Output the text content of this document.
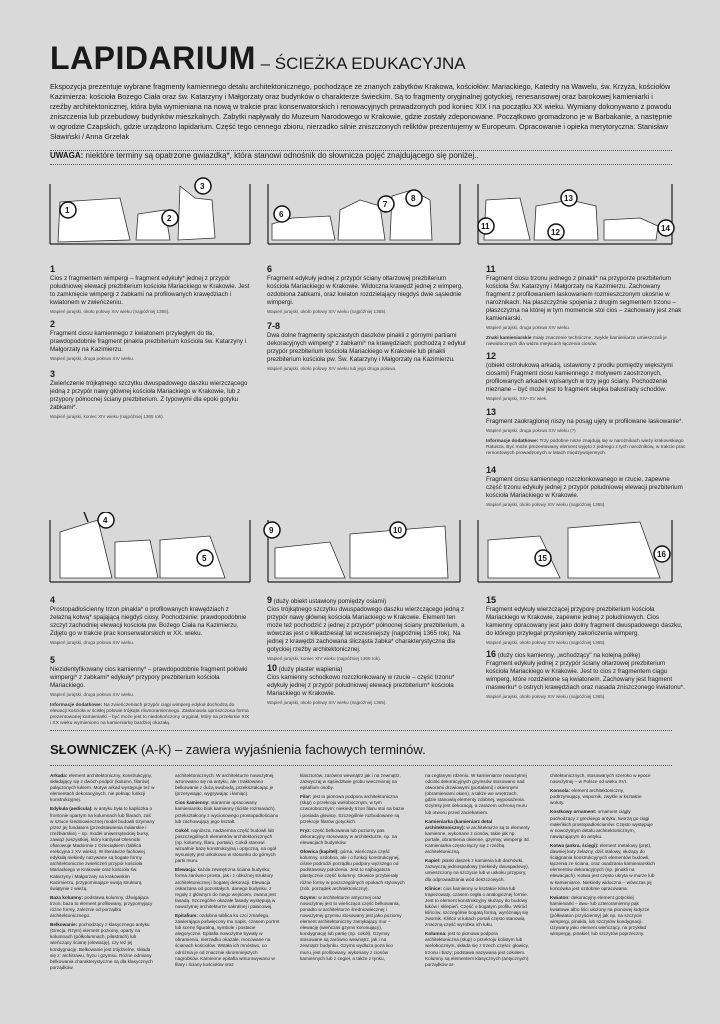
LAPIDARIUM – ŚCIEŻKA EDUKACYJNA
Ekspozycja prezentuje wybrane fragmenty kamiennego detalu architektonicznego, pochodzące ze znanych zabytków Krakowa, kościołów: Mariackiego, Katedry na Wawelu, św. Krzyża, kościołów Kazimierza: kościoła Bożego Ciała oraz św. Katarzyny i Małgorzaty oraz budynków o charakterze świeckim. Są to fragmenty oryginalnej gotyckiej, renesansowej oraz barokowej kamieniarki i rzeźby architektonicznej, która była wymieniana na nową w trakcie prac konserwatorskich i renowacyjnych prowadzonych pod koniec XIX i na początku XX wieku. Wymiany dokonywano z powodu zniszczenia lub przebudowy budynków mieszkalnych. Zabytki napływały do Muzeum Narodowego w Krakowie, gdzie zostały zdeponowane. Początkowo gromadzono je w Barbakanie, a następnie w ogrodzie Czapskich, gdzie urządzono lapidarium. Część tego cennego zbioru, nierzadko silnie zniszczonych reliktów prezentujemy w Europeum. Opracowanie i opieka merytoryczna: Stanisław Sławiński / Anna Grzelak
UWAGA: niektóre terminy są opatrzone gwiazdką*, która stanowi odnośnik do słownicza pojęć znajdującego się poniżej..
1
2
3
6
7
8
11
12
13
14
1
Cios z fragmentem wimpergi – fragment edykuły* jednej z przypór południowej elewacji prezbiterium kościoła Mariackiego w Krakowie. Jest to zamknięcie wimpergi z żabkami na profilowanych krawędziach i kwiatonem w zwieńczeniu.
Wapień jurajski, około połowy XIV wieku (najpóźniej 1365).
2
Fragment ciosu kamiennego z kwiatonem przyległym do tła, prawdopodobnie fragment pinakla prezbiterium kościoła św. Katarzyny i Małgorzaty na Kazimierzu.
Wapień jurajski, druga połowa XIV wieku.
3
Zwieńczenie trójkątnego szczytku dwuspadowego daszku wierzczącego jedną z przypór nawy głównej kościoła Mariackiego w Krakowie, lub z przypory północnej ściany prezbiterium. Z typowymi dla epoki gotyku żabkami*.
Wapień jurajski, koniec XIV wieku (najpóźniej 1365 rok).
6
Fragment edykuły jednej z przypór ściany ołtarzowej prezbiterium kościoła Mariackiego w Krakowie. Widoczna krawędź jednej z wimperg, ozdobiona żabkami, oraz kwiaton rozdzielający niegdyś dwie sąsiednie wimpergi.
Wapień jurajski, około połowy XIV wieku (najpóźniej 1365).
7-8
Dwa dolne fragmenty spiczastych daszków pinakli z górnymi partiami dekoracyjnych wimperg* z żabkami* na krawędziach; pochodzą z edykuł przypór prezbiterium kościoła Mariackiego w Krakowie lub pinakli prezbiterium kościoła pw. Św. Katarzyny i Małgorzaty na Kazimierzu.
Wapień jurajski, około połowy XIV wieku lub jego druga połowa.
11
Fragment ciosu trzonu jednego z pinakli* na przyporze prezbiterium kościoła Św. Katarzyny i Małgorzaty na Kazimierzu. Zachowany fragment z profilowaniem laskowaniem rozmieszczonym ukośnie w narożnikach. Na płaszczyźnie spojenia z drugim segmentem trzonu – płaszczyzna na której w tym momencie stoi cios – zachowany jest znak kamieniarski.
Wapień jurajski, druga połowa XIV wieku.
Znaki kamieniarskie miały znaczenie techniczne, zwykle kamieniarze umieszczali je niewidocznych dla widza miejscach łączenia ciosów.
12
(obiekt ostrołukową arkadą, ustawiony z prodłu pomiędzy większymi ciosami) Fragment ciosu kamiennego z motywem zaostrzonych, profilowanych arkadek wpisanych w trzy jego ściany. Pochodzenie nieznane – być może jest to fragment słupka balustrady schodów.
Wapień jurajski, XIV–XV wiek.
13
Fragment zaokrąglonej niszy na posąg ujęty w profilowane laskowanie*.
Wapień jurajski, druga połowa XIV wieku (?)
Informacje dodatkowe: Trzy podobne nisze znajdują się w narożnikach wieży krakowskiego Ratusza. Być może prezentowany element wyjęto z jednego z tych narożników, w trakcie prac remontowych prowadzonych w latach międzywojennych.
14
Fragment ciosu kamiennego rozczłonkowanego w rzucie, zapewne część trzonu edykuły jednej z przypór południowej elewacji prezbiterium kościoła Mariackiego w Krakowie.
Wapień jurajski, około połowy XIV wieku (najpóźniej 1365).
4
5
9	10
15	16
4
Prostopadłościenny trzon pinakla* o profilowanych krawędziach z żelazną kotwą* spajającą niegdyś ciosy. Pochodzenie: prawdopodobnie szczyt zachodniej elewacji kościoła pw. Bożego Ciała na Kazimierzu. Zdjęto go w trakcie prac konserwatorskich w XX. wieku.
Wapień jurajski, druga połowa XIV wieku.
5
Niezidentyfikowany cios kamienny* – prawdopodobnie fragment połówki wimpergi* z żabkami* edykuły* przypory prezbiterium kościoła Mariackiego.
Wapień jurajski, druga połowa XIV wieku.
Informacje dodatkowe: Na zwieńczeniach przypór ciągi wimperg edykuł dochodzą do elewacji kościoła w ścisłej połowie trójkąta równoramiennego. Zastanawia uproszczona forma prezentowanej kamieniarki – być może jest to niedokończony oryginał, który na przełomie XIX i XX wieku wymieniono na kamieniarkę bardziej okazałą.
9 (duży obiekt ustawiony pomiędzy osiami)
Cios trójkątnego szczytku dwuspadowego daszku wierzczącego jedną z przypór nawy głównej kościoła Mariackiego w Krakowie. Element ten może też pochodzić z jednej z przypór* północnej ściany prezbiterium, a wówczas jest o kilkadziesiąt lat wcześniejszy (najpóźniej 1365 rok). Na jednej z krawędzi zachowana ślicząsta żabka* charakterystyczna dla gotyckiej rzeźby architektonicznej.
Wapień jurajski, koniec XIV wieku (najpóźniej 1365 rok).
10 (duży plaster wapienia)
Cios kamienny schodkowo rozczłonkowany w rzucie – część trzonu* edykuły jednej z przypór południowej elewacji prezbiterium* kościoła Mariackiego w Krakowie.
Wapień jurajski, około połowy XIV wieku (najpóźniej 1365).
15
Fragment edykuły wierzczącej przyporę prezbiterium kościoła Mariackiego w Krakowie, zapewne jednej z południowych. Cios kamienny opracowany jest jako dolny fragment dwuspadowego daszku, do którego przylegał przysłonięty zakończenia wimperg.
Wapień jurajski, około połowy XIV wieku (najpóźniej 1365).
16 (duży cios kamienny, „wchodzący" na kolejną półkę)
Fragment edykuły jednej z przypór ściany ołtarzowej prezbiterium kościoła Mariackiego w Krakowie. Jest to cios z fragmentem ciągu wimperg, które rozdzielone są kwiatonem. Zachowany jest fragment maswerku* o ostrych krawędziach oraz nasada zniszczonego kwiatonu*.
Wapień jurajski, około połowy XIV wieku (najpóźniej 1365).
SŁOWNICZEK (A-K) – zawiera wyjaśnienia fachowych terminów.

Arkada: element architektoniczny, konstrukcyjny, składający się z dwóch podpór (kolumn, filarów) połączonych łukiem. Motyw arkad występuje też w elementach dekoracyjnych, nie pełniąc funkcji konstrukcyjnej.

Edykuła (aedicula): w antyku była to kapliczka o frontonie opartym na kolumnach lub filarach, zaś w sztuce średniowiecznej model budowli trzymany przez jej fundatora (przedstawienia malarskie i rzeźbiarskie) – np. model uniwersyteckiej bursy, zawiąż (wszystkiej, który kardynał Olesnicki ofiarowuje Madonnie z Dzieciątkiem (tablica erekcyjna z XV wieku). W literaturze fachowej edykułą niekiedy nazywane są bogate formy architektoniczne zwieńczeń przypór kościoła Mariackiego w Krakowie oraz kościoła św. Katarzyny i Małgorzaty na krakowskim Kazimierzu, przypominające swoją strukturą świątynie z wieżą.

Baza kolumny: podstawa kolumny, dźwigająca trzon; baza to element profilowany, przypomyjący różne formy, zależnie od porządku architektonicznego.

Belkowanie: pochodzący z klasycznego antyku (Grecja, Rzym) element poziomy, oparty na kolumnach (półkolumnach, pilastrach) lub wieńczący ścianę (elewację), czy też jej kondygnację. Belkowanie jest trójdzielne, składa się z: architrawu, fryzu i gzymsu. Różne odmiany belkowania charakterystyczne są dla klasycznych porządków

architektonicznych. W architekturze nowożytnej wzorowano się na antyku, ale i traktowano belkowanie z dużą swobodą, przekształcając je (przerywając, wygrywając i łamiąc).

Cios kamienny: starannie opracowany kamieniarsko blok kamienny (ściśle rozmiarach), przekształcony z wyciosowego prostopadłościanu lub zachowujący jego kształt.

Cokół: najniższa, nadziemna część budowli lub poszczególnych elementów architektonicznych (np. kolumny, filaru, portalu). Cokół stanowi wizualnie bazę konstrukcyjną i optyczną, na ogół wysunięty jest uskokowo w stosunku do górnych partii muru.

Elewacja: każda zewnętrzna ściana budynku; forma zarówno prosta, jak i z obłożnej struktury architektonicznej i bogatej dekoracji. Elewacja oskarżana od pozostałych, danego budynku, z reguły z głównym do niego wejściem, zwana jest fasadą. Szczególne okazałe fasady występują w nowożytnej architekturze sakralnej i pałacowej.

Epitafium: ozdobna tablica ku czci zmarłego, zawierająca poświęcony mu napis, czasem portret lub scenę figuralną, symbole i postacie alegoryczne. Epitafia nowożytne bywały w obramieniu, nierzadko okazałe, mocowane na ścianach kościołów. Wstała ich mnóstwo, co odróżnia je od znacznie skromniejszych nagrobków. Kamienne epitafia wmurowywano w filary i ściany kościołów oraz

klasztorów, zarówno wewnątrz jak i na zewnątrz, zazwyczaj w sąsiedztwie grobu wiecznionej na epitafium osoby.

Filar: jest to pionowa podpora architektoniczna (słup) o przekroju wielobocznym, w tym czworobocznym; niekiedy trzon filaru stoi na bazie i posiada głowicę. Szczególnie rozbudowane są przekroje filarów gotyckich.

Fryz: część belkowania lub poziomy pas dekoracyjny stosowany w architekturze, np. na elewacjach budynków.

Głowica (kapitel): górna, wieńcząca część kolumny, ozdobna, ale i o funkcji konstrukcyjnej, ciśnie podrodzi porządku podpory wyższego od podstawowy położenia. Jest to najbogatsza plastycznie część kolumny. Głowice przybierały różne formy w poszczególnych epokach stylowych (zob. porządek architektoniczny).

Gzyms: w architekturze antycznej oraz nowożytnej jest to wieńcząca część belkowania, ponadto w architekturze średniowiecznej i nowożytnej gzymsu stosowany jest jako poziomy element architektoniczny zamykający mur – elewację (wieńczas gzyms koronujący), kondygnację lub partię (np. cokół). Gzymsy stosowane są zarówno wewnątrz, jak i na zewnątrz budynku. Gzyms wydłuża poza lico muru, jest profilowany, wykonany z ciosów kamiennych lub z cegieł, a także z tynku,

na ceglanym rdzeniu. W kamieniarce nowożytnej odcinki dekoracyjnych gzymsów stosowano nad otworami drzwiowymi (portalami) i okiennymi (obramieniami okien), a także we wnętrzach, gdzie stanowią elementy zdobnej, wyposażenia. Gzymsy jest dekoracją, a zarazem ochroną muru lub otworu przed zaciekaniem.

Kamieniarka (kamieniarz detal architektoniczny): w architekturze są to elementy kamienne, wykonane z ciosów, takie jak np. portale, obramienia okienne, gzymsy, wimpergi itd. Kamieniarka często łączy się z rzeźbą architektoniczną.

Kapiel: płaski daszek z kamienia lub dachówki, zazwyczaj jednospadowy (niekiedy dwuspadowy), umieszczony na szczycie lub w uskoku przypory, dla odprowadzania wód deszczowych.

Klinice: cios kamienny w kształcie klina lub trapezowaty, czasem cegła o analogicznej formie. Jest to element konstrukcyjny służący do budowy łuków i sklepień. Część o bogatym profilu. Wśród klińców, szczególnie bogatą formą, wyróżniają się zwornik. Klińce w łukach portali często stanowią znaczną część wyrobka ich łuku.

Kolumna: jest to pionowa podpora architektoniczna (słup) o przekroju kolistym lub wielobocznym, składa się z trzech części: głowicy, trzonu i bazy; podstawa nazywana jest cokołem. Kolumny są elementem klasycznych (antycznych) porządków ar-

chitektonicznych, stosowanych szeroko w epoce nowożytnej – w Polsce od wieku XVI.

Konsola: element architektoniczny, podtrzymujący, wspornik, zwykle w kształcie woluty.

Kostkowy ornament: ornament ciągły pochodzący z greckiego antyku, tworzą go ciągi małeńkich prostopadłościanów. Często występuje w nowożytnym detalu architektonicznym, nawiązującym do antyku.

Kotwa (ankra, ścięgi): element metalowy (pręt), dawniej kuty żelazny, dziś stalowy, służący do ściągnania konstrukcyjnych elementów budowli, łączenia ze ściana, oraz osadzania kamieniarskich elementów dekoracyjnych (np. pinakli na elewacjach). Kotwa jest często ukryta w murze lub w kamieniarce. Niekiedy widoczna – wówczas jej końcówka jest ozdobnie opracowana.

Kwiaton: dekoracyjny element gotyckiej kamieniarki – dwu- lub czteroramienny pąk kwiatowe albo liści ułożony na pionowej łodyżce (półkwiaton przyścienny) jak np. na szczycie wimpergi, pinakla, lub szczytów kondygnacji. Używany jako element wieńczący, na przykład wimpergę, pinakiel, lub szczytów poprzeczny.
